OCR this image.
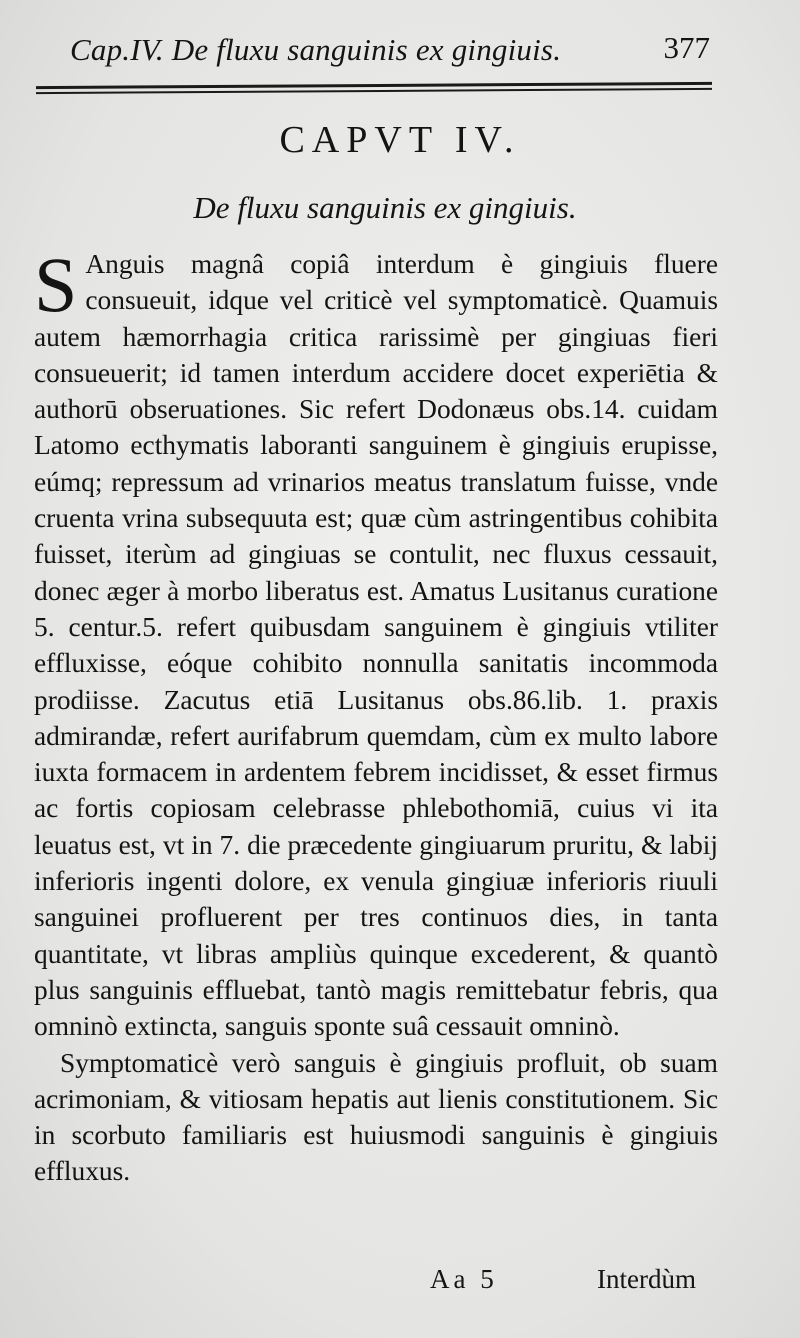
Cap.IV. De fluxu sanguinis ex gingiuis.	377
CAPVT IV.
De fluxu sanguinis ex gingiuis.

S Anguis magnâ copiâ interdum è gingiuis fluere consueuit, idque vel criticè vel symptomaticè. Quamuis autem hæmorrhagia critica rarissimè per gingiuas fieri consueuerit; id tamen interdum accidere docet experiētia & authorū obseruationes. Sic refert Dodonæus obs.14. cuidam Latomo ecthymatis laboranti sanguinem è gingiuis erupisse, eúmq; repressum ad vrinarios meatus translatum fuisse, vnde cruenta vrina subsequuta est; quæ cùm astringentibus cohibita fuisset, iterùm ad gingiuas se contulit, nec fluxus cessauit, donec æger à morbo liberatus est. Amatus Lusitanus curatione 5. centur.5. refert quibusdam sanguinem è gingiuis vtiliter effluxisse, eóque cohibito nonnulla sanitatis incommoda prodiisse. Zacutus etiā Lusitanus obs.86.lib. 1. praxis admirandæ, refert aurifabrum quemdam, cùm ex multo labore iuxta formacem in ardentem febrem incidisset, & esset firmus ac fortis copiosam celebrasse phlebothomiā, cuius vi ita leuatus est, vt in 7. die præcedente gingiuarum pruritu, & labij inferioris ingenti dolore, ex venula gingiuæ inferioris riuuli sanguinei profluerent per tres continuos dies, in tanta quantitate, vt libras ampliùs quinque excederent, & quantò plus sanguinis effluebat, tantò magis remittebatur febris, qua omninò extincta, sanguis sponte suâ cessauit omninò.

Symptomaticè verò sanguis è gingiuis profluit, ob suam acrimoniam, & vitiosam hepatis aut lienis constitutionem. Sic in scorbuto familiaris est huiusmodi sanguinis è gingiuis effluxus.

Aa 5	Interdùm
